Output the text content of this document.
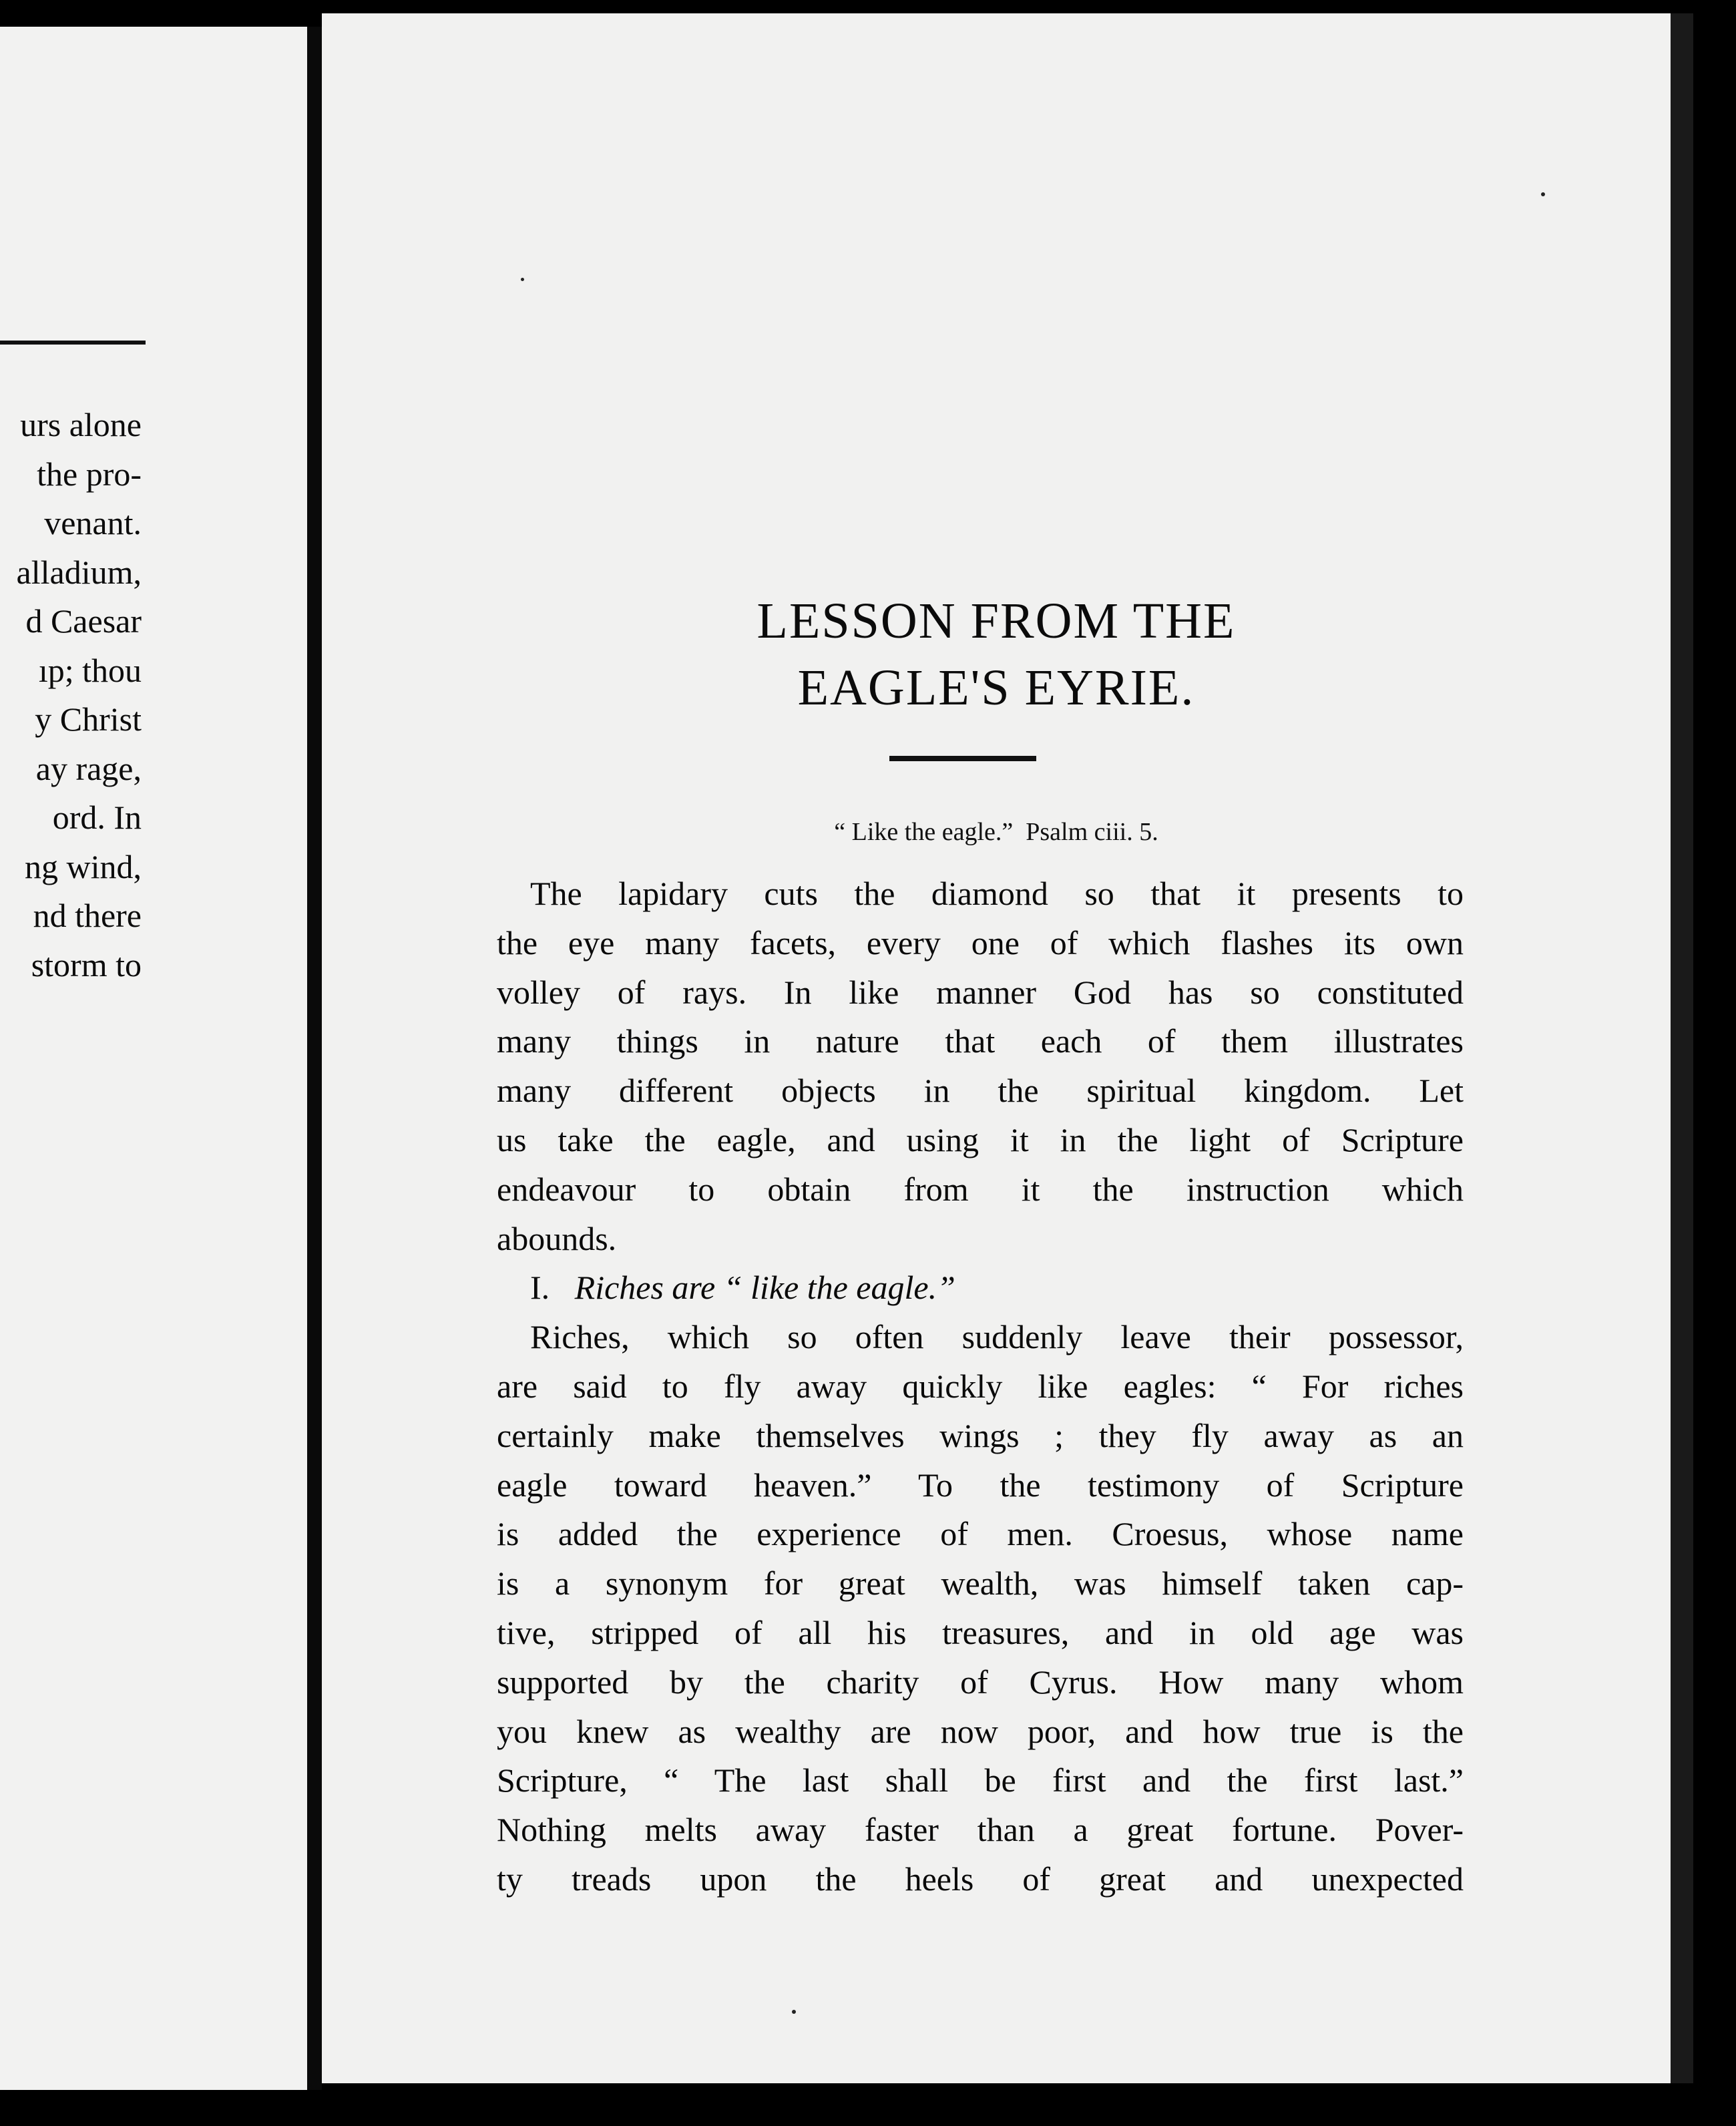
urs alone
the pro-
venant.
alladium,
d Caesar
ıp; thou
y Christ
ay rage,
ord. In
ng wind,
nd there
storm to
LESSON FROM THE
EAGLE'S EYRIE.
“ Like the eagle.” Psalm ciii. 5.
The lapidary cuts the diamond so that it presents to
the eye many facets, every one of which flashes its own
volley of rays. In like manner God has so constituted
many things in nature that each of them illustrates
many different objects in the spiritual kingdom. Let
us take the eagle, and using it in the light of Scripture
endeavour to obtain from it the instruction which
abounds.
I. Riches are “ like the eagle.”
Riches, which so often suddenly leave their possessor,
are said to fly away quickly like eagles: “ For riches
certainly make themselves wings ; they fly away as an
eagle toward heaven.” To the testimony of Scripture
is added the experience of men. Croesus, whose name
is a synonym for great wealth, was himself taken cap-
tive, stripped of all his treasures, and in old age was
supported by the charity of Cyrus. How many whom
you knew as wealthy are now poor, and how true is the
Scripture, “ The last shall be first and the first last.”
Nothing melts away faster than a great fortune. Pover-
ty treads upon the heels of great and unexpected
